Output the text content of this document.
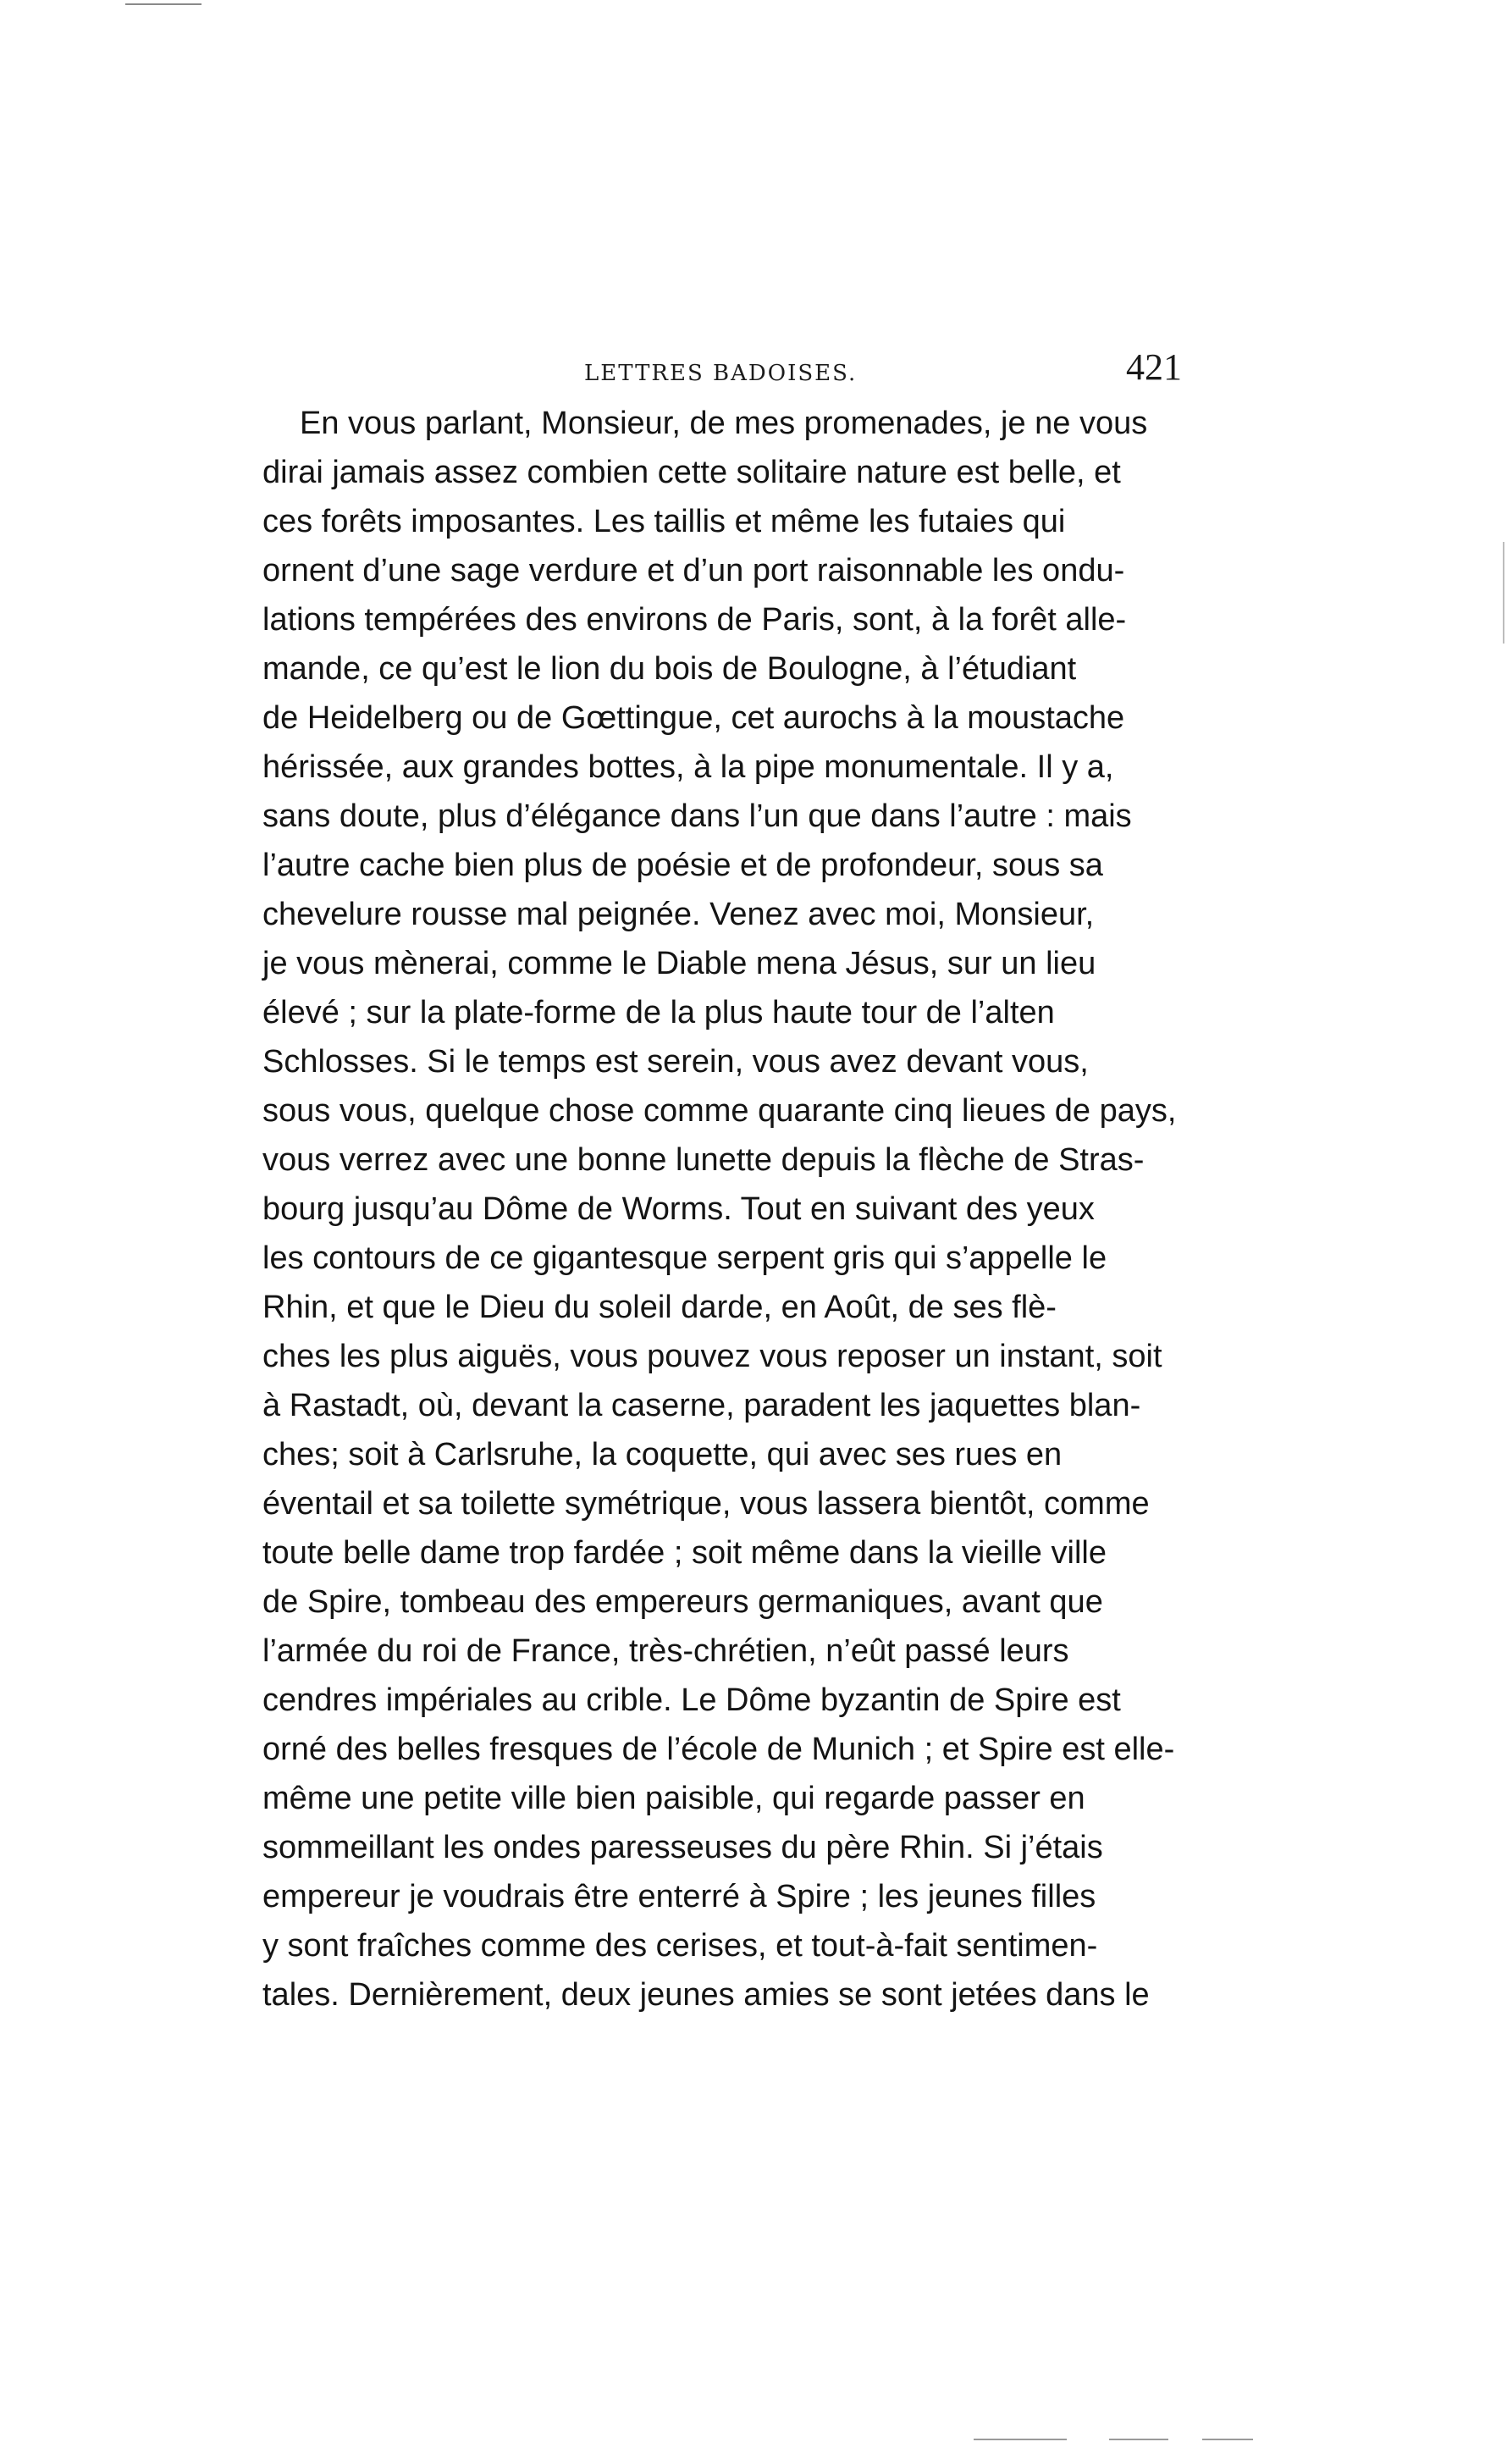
LETTRES BADOISES.	421
En vous parlant, Monsieur, de mes promenades, je ne vous
dirai jamais assez combien cette solitaire nature est belle, et
ces forêts imposantes. Les taillis et même les futaies qui
ornent d’une sage verdure et d’un port raisonnable les ondu-
lations tempérées des environs de Paris, sont, à la forêt alle-
mande, ce qu’est le lion du bois de Boulogne, à l’étudiant
de Heidelberg ou de Gœttingue, cet aurochs à la moustache
hérissée, aux grandes bottes, à la pipe monumentale. Il y a,
sans doute, plus d’élégance dans l’un que dans l’autre : mais
l’autre cache bien plus de poésie et de profondeur, sous sa
chevelure rousse mal peignée. Venez avec moi, Monsieur,
je vous mènerai, comme le Diable mena Jésus, sur un lieu
élevé ; sur la plate-forme de la plus haute tour de l’alten
Schlosses. Si le temps est serein, vous avez devant vous,
sous vous, quelque chose comme quarante cinq lieues de pays,
vous verrez avec une bonne lunette depuis la flèche de Stras-
bourg jusqu’au Dôme de Worms. Tout en suivant des yeux
les contours de ce gigantesque serpent gris qui s’appelle le
Rhin, et que le Dieu du soleil darde, en Août, de ses flè-
ches les plus aiguës, vous pouvez vous reposer un instant, soit
à Rastadt, où, devant la caserne, paradent les jaquettes blan-
ches; soit à Carlsruhe, la coquette, qui avec ses rues en
éventail et sa toilette symétrique, vous lassera bientôt, comme
toute belle dame trop fardée ; soit même dans la vieille ville
de Spire, tombeau des empereurs germaniques, avant que
l’armée du roi de France, très-chrétien, n’eût passé leurs
cendres impériales au crible. Le Dôme byzantin de Spire est
orné des belles fresques de l’école de Munich ; et Spire est elle-
même une petite ville bien paisible, qui regarde passer en
sommeillant les ondes paresseuses du père Rhin. Si j’étais
empereur je voudrais être enterré à Spire ; les jeunes filles
y sont fraîches comme des cerises, et tout-à-fait sentimen-
tales. Dernièrement, deux jeunes amies se sont jetées dans le
